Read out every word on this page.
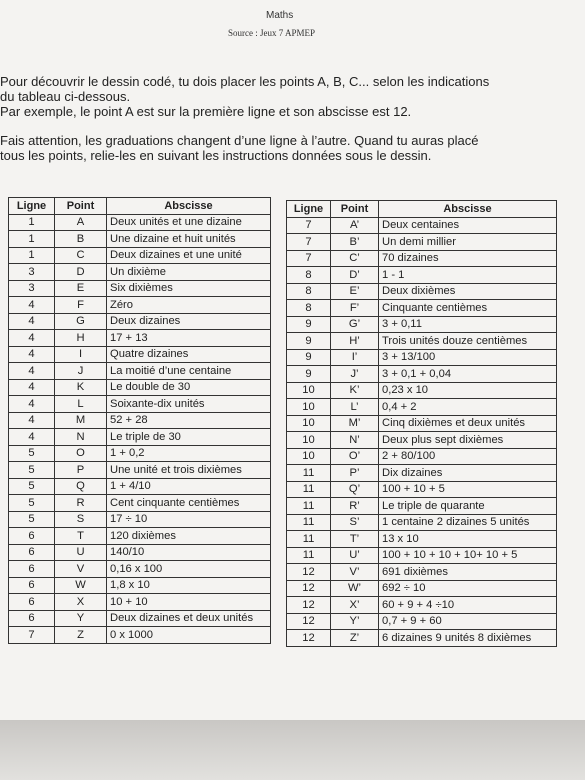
Maths
Source : Jeux 7 APMEP

Pour découvrir le dessin codé, tu dois placer les points A, B, C... selon les indications

du tableau ci-dessous.

Par exemple, le point A est sur la première ligne et son abscisse est 12.

Fais attention, les graduations changent d’une ligne à l’autre. Quand tu auras placé

tous les points, relie-les en suivant les instructions données sous le dessin.

Ligne	Point	Abscisse
1	A	Deux unités et une dizaine
1	B	Une dizaine et huit unités
1	C	Deux dizaines et une unité
3	D	Un dixième
3	E	Six dixièmes
4	F	Zéro
4	G	Deux dizaines
4	H	17 + 13
4	I	Quatre dizaines
4	J	La moitié d’une centaine
4	K	Le double de 30
4	L	Soixante-dix unités
4	M	52 + 28
4	N	Le triple de 30
5	O	1 + 0,2
5	P	Une unité et trois dixièmes
5	Q	1 + 4/10
5	R	Cent cinquante centièmes
5	S	17 ÷ 10
6	T	120 dixièmes
6	U	140/10
6	V	0,16 x 100
6	W	1,8 x 10
6	X	10 + 10
6	Y	Deux dizaines et deux unités
7	Z	0 x 1000
Ligne	Point	Abscisse
7	A’	Deux centaines
7	B’	Un demi millier
7	C’	70 dizaines
8	D’	1 - 1
8	E’	Deux dixièmes
8	F’	Cinquante centièmes
9	G’	3 + 0,11
9	H’	Trois unités douze centièmes
9	I’	3 + 13/100
9	J’	3 + 0,1 + 0,04
10	K’	0,23 x 10
10	L’	0,4 + 2
10	M’	Cinq dixièmes et deux unités
10	N’	Deux plus sept dixièmes
10	O’	2 + 80/100
11	P’	Dix dizaines
11	Q’	100 + 10 + 5
11	R’	Le triple de quarante
11	S’	1 centaine 2 dizaines 5 unités
11	T’	13 x 10
11	U’	100 + 10 + 10 + 10+ 10 + 5
12	V’	691 dixièmes
12	W’	692 ÷ 10
12	X’	60 + 9 + 4 ÷10
12	Y’	0,7 + 9 + 60
12	Z’	6 dizaines 9 unités 8 dixièmes
